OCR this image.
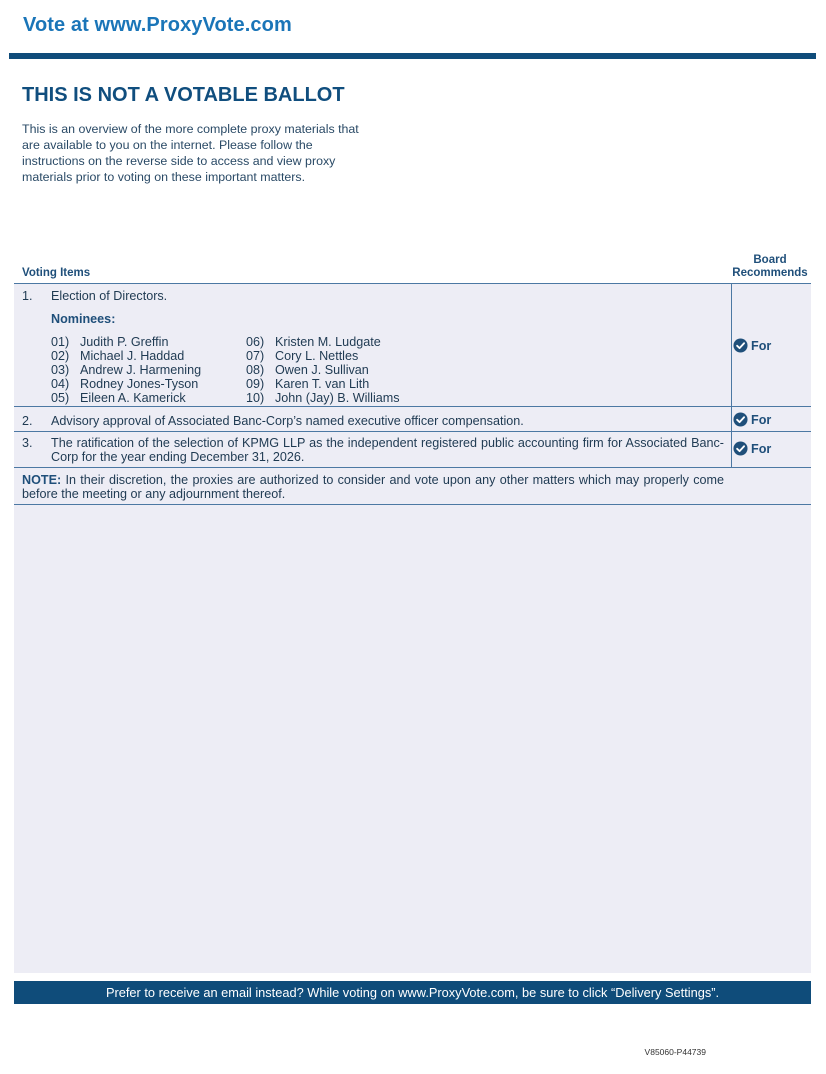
Vote at www.ProxyVote.com
THIS IS NOT A VOTABLE BALLOT
This is an overview of the more complete proxy materials that are available to you on the internet. Please follow the instructions on the reverse side to access and view proxy materials prior to voting on these important matters.
Voting Items
Board
Recommends
1. Election of Directors.
Nominees:
01) Judith P. Greffin
02) Michael J. Haddad
03) Andrew J. Harmening
04) Rodney Jones-Tyson
05) Eileen A. Kamerick
06) Kristen M. Ludgate
07) Cory L. Nettles
08) Owen J. Sullivan
09) Karen T. van Lith
10) John (Jay) B. Williams
For
2. Advisory approval of Associated Banc-Corp’s named executive officer compensation.	For
3. The ratification of the selection of KPMG LLP as the independent registered public accounting firm for Associated Banc-Corp for the year ending December 31, 2026.
For
NOTE: In their discretion, the proxies are authorized to consider and vote upon any other matters which may properly come before the meeting or any adjournment thereof.
Prefer to receive an email instead? While voting on www.ProxyVote.com, be sure to click “Delivery Settings”.
V85060-P44739
